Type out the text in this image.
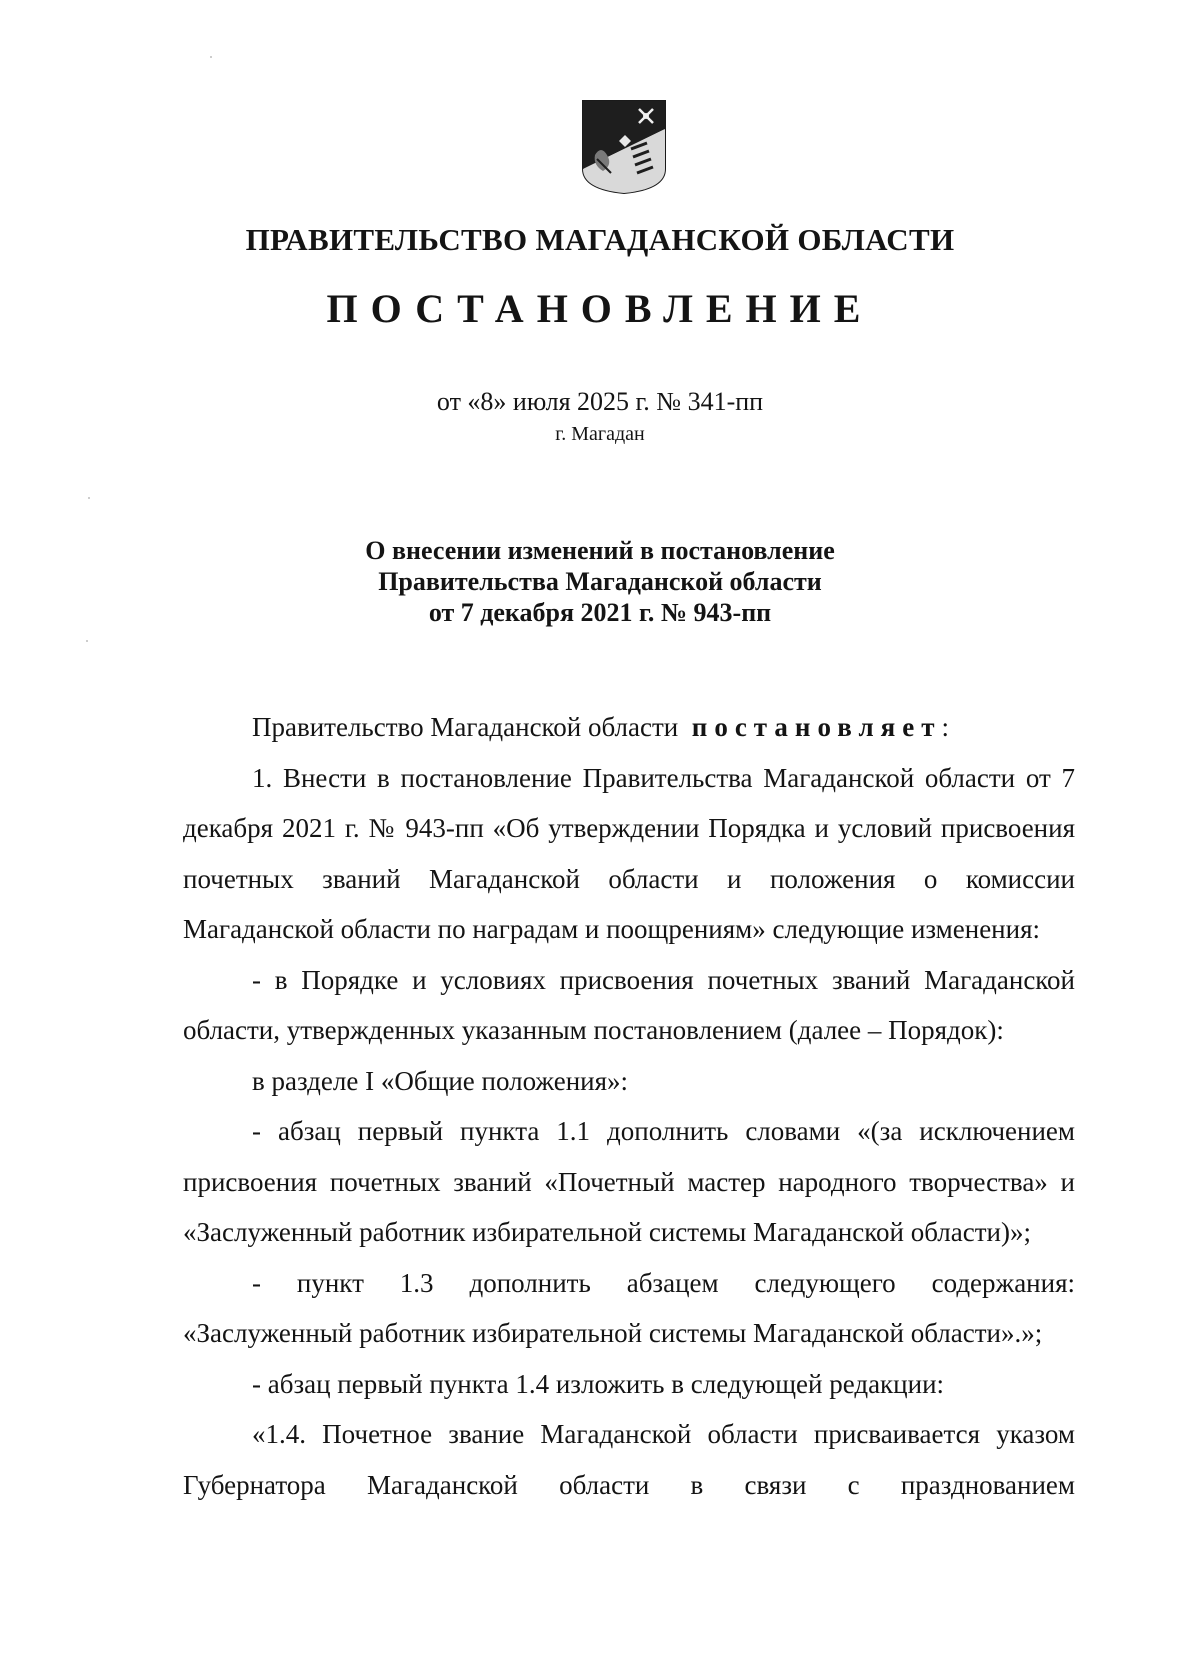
ПРАВИТЕЛЬСТВО МАГАДАНСКОЙ ОБЛАСТИ
ПОСТАНОВЛЕНИЕ
от «8» июля 2025 г. № 341-пп
г. Магадан
О внесении изменений в постановление
Правительства Магаданской области
от 7 декабря 2021 г. № 943-пп

Правительство Магаданской области постановляет:

1. Внести в постановление Правительства Магаданской области от 7 декабря 2021 г. № 943-пп «Об утверждении Порядка и условий присвоения почетных званий Магаданской области и положения о комиссии Магаданской области по наградам и поощрениям» следующие изменения:

- в Порядке и условиях присвоения почетных званий Магаданской области, утвержденных указанным постановлением (далее – Порядок):

в разделе I «Общие положения»:

- абзац первый пункта 1.1 дополнить словами «(за исключением присвоения почетных званий «Почетный мастер народного творчества» и «Заслуженный работник избирательной системы Магаданской области)»;

- пункт 1.3 дополнить абзацем следующего содержания: «Заслуженный работник избирательной системы Магаданской области».»;

- абзац первый пункта 1.4 изложить в следующей редакции:

«1.4. Почетное звание Магаданской области присваивается указом Губернатора Магаданской области в связи с празднованием
